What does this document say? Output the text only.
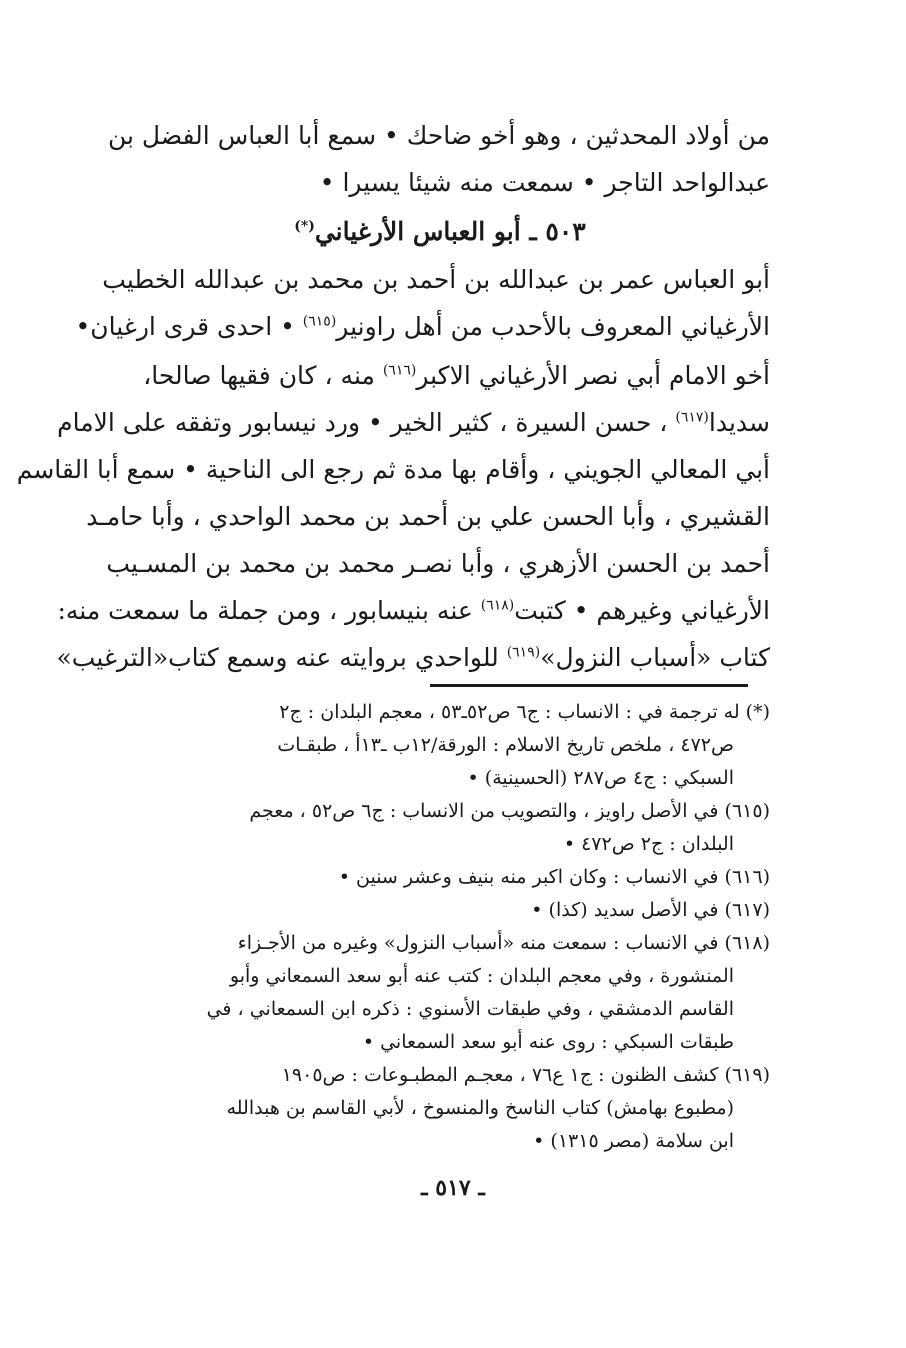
من أولاد المحدثين ، وهو أخو ضاحك • سمع أبا العباس الفضل بن
عبدالواحد التاجر • سمعت منه شيئا يسيرا •
٥٠٣ ـ أبو العباس الأرغياني(*)
أبو العباس عمر بن عبدالله بن أحمد بن محمد بن عبدالله الخطيب
الأرغياني المعروف بالأحدب من أهل راونير$^{(٦١٥)}$ • احدى قرى ارغيان•
أخو الامام أبي نصر الأرغياني الاكبر$^{(٦١٦)}$ منه ، كان فقيها صالحا،
سديدا$^{(٦١٧)}$ ، حسن السيرة ، كثير الخير • ورد نيسابور وتفقه على الامام
أبي المعالي الجويني ، وأقام بها مدة ثم رجع الى الناحية • سمع أبا القاسم
القشيري ، وأبا الحسن علي بن أحمد بن محمد الواحدي ، وأبا حامـد
أحمد بن الحسن الأزهري ، وأبا نصـر محمد بن محمد بن المسـيب
الأرغياني وغيرهم • كتبت$^{(٦١٨)}$ عنه بنيسابور ، ومن جملة ما سمعت منه:
كتاب «أسباب النزول»$^{(٦١٩)}$ للواحدي بروايته عنه وسمع كتاب«الترغيب»
(*) له ترجمة في : الانساب : ج٦ ص٥٢ـ٥٣ ، معجم البلدان : ج٢
ص٤٧٢ ، ملخص تاريخ الاسلام : الورقة/١٢ب ـ١٣أ ، طبقـات
السبكي : ج٤ ص٢٨٧ (الحسينية) •
(٦١٥) في الأصل راويز ، والتصويب من الانساب : ج٦ ص٥٢ ، معجم
البلدان : ج٢ ص٤٧٢ •
(٦١٦) في الانساب : وكان اكبر منه بنيف وعشر سنين •
(٦١٧) في الأصل سديد (كذا) •
(٦١٨) في الانساب : سمعت منه «أسباب النزول» وغيره من الأجـزاء
المنشورة ، وفي معجم البلدان : كتب عنه أبو سعد السمعاني وأبو
القاسم الدمشقي ، وفي طبقات الأسنوي : ذكره ابن السمعاني ، في
طبقات السبكي : روى عنه أبو سعد السمعاني •
(٦١٩) كشف الظنون : ج١ ع٧٦ ، معجـم المطبـوعات : ص١٩٠٥
(مطبوع بهامش) كتاب الناسخ والمنسوخ ، لأبي القاسم بن هبدالله
ابن سلامة (مصر ١٣١٥) •
ـ ٥١٧ ـ
